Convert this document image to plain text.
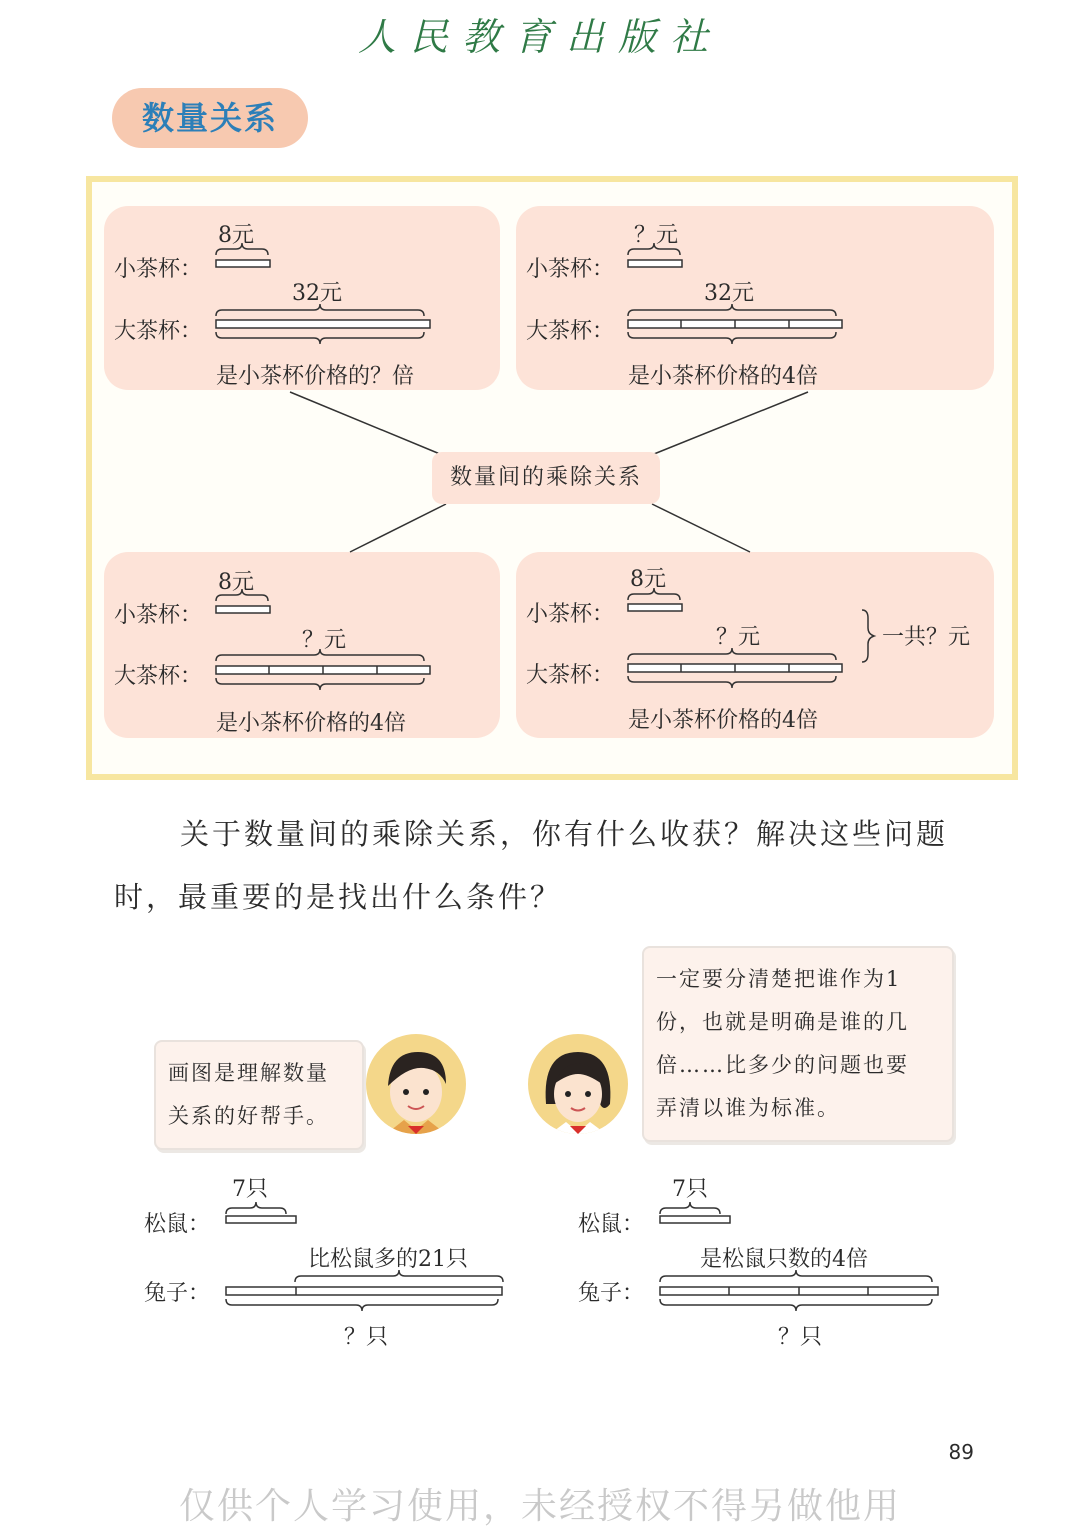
人民教育出版社
数量关系
8元
小茶杯：
32元
大茶杯：
是小茶杯价格的？倍
？元
小茶杯：
32元
大茶杯：
是小茶杯价格的4倍
数量间的乘除关系
8元
小茶杯：
？元
大茶杯：
是小茶杯价格的4倍
8元
小茶杯：
？元
大茶杯：
是小茶杯价格的4倍
一共？元
关于数量间的乘除关系，你有什么收获？解决这些问题
时，最重要的是找出什么条件？
画图是理解数量
关系的好帮手。
一定要分清楚把谁作为1
份，也就是明确是谁的几
倍……比多少的问题也要
弄清以谁为标准。
7只
松鼠：
比松鼠多的21只
兔子：
？只
7只
松鼠：
是松鼠只数的4倍
兔子：
？只
89
仅供个人学习使用，未经授权不得另做他用
